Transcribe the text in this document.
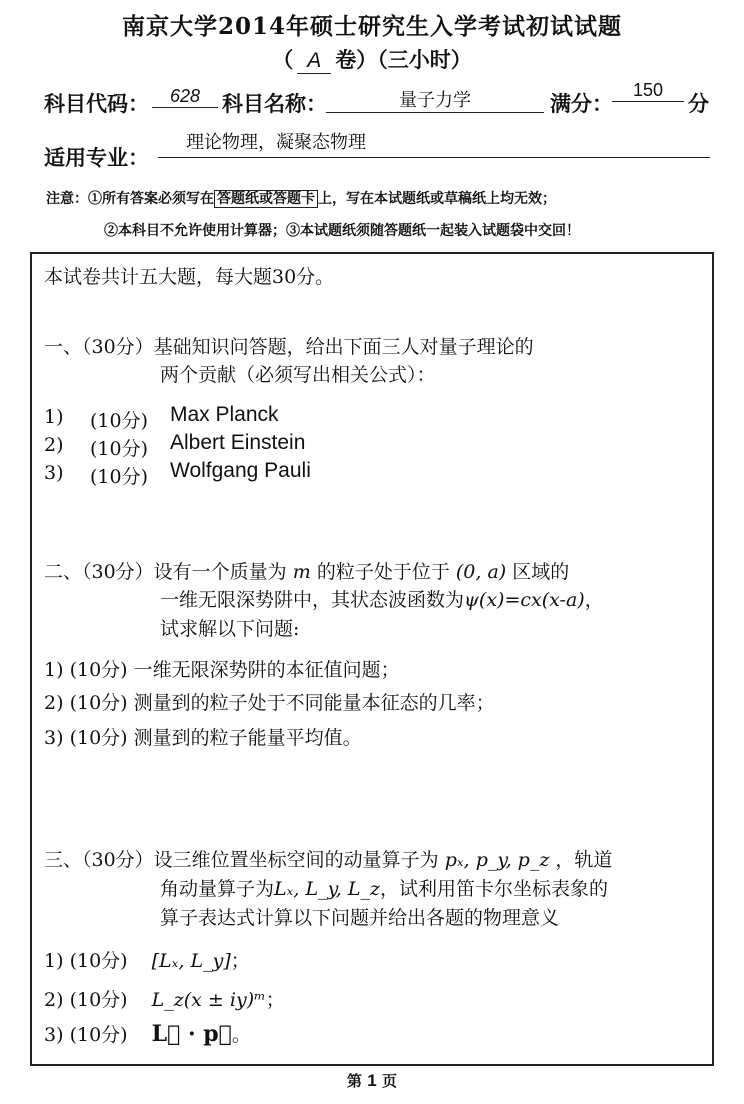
南京大学2014年硕士研究生入学考试初试试题
（ A 卷）（三小时）
科目代码：	628	科目名称：	量子力学	满分：
150
分
适用专业：
理论物理，凝聚态物理
注意：①所有答案必须写在 答题纸或答题卡 上，写在本试题纸或草稿纸上均无效；
②本科目不允许使用计算器；③本试题纸须随答题纸一起装入试题袋中交回！
本试卷共计五大题，每大题30分。
一、（30分）基础知识问答题，给出下面三人对量子理论的
两个贡献（必须写出相关公式）：
1) (10分) Max Planck
2) (10分) Albert Einstein
3) (10分) Wolfgang Pauli
二、（30分）设有一个质量为 m 的粒子处于位于 (0, a) 区域的
一维无限深势阱中，其状态波函数为ψ(x)=cx(x-a)，
试求解以下问题:
1) (10分) 一维无限深势阱的本征值问题；
2) (10分) 测量到的粒子处于不同能量本征态的几率；
3) (10分) 测量到的粒子能量平均值。
三、（30分）设三维位置坐标空间的动量算子为 pₓ, p_y, p_z ，轨道
角动量算子为Lₓ, L_y, L_z，试利用笛卡尔坐标表象的
算子表达式计算以下问题并给出各题的物理意义
1) (10分) [Lₓ, L_y]；
2) (10分) L_z(x ± iy)ᵐ；
3) (10分) L⃗ · p⃗。
第 1 页
